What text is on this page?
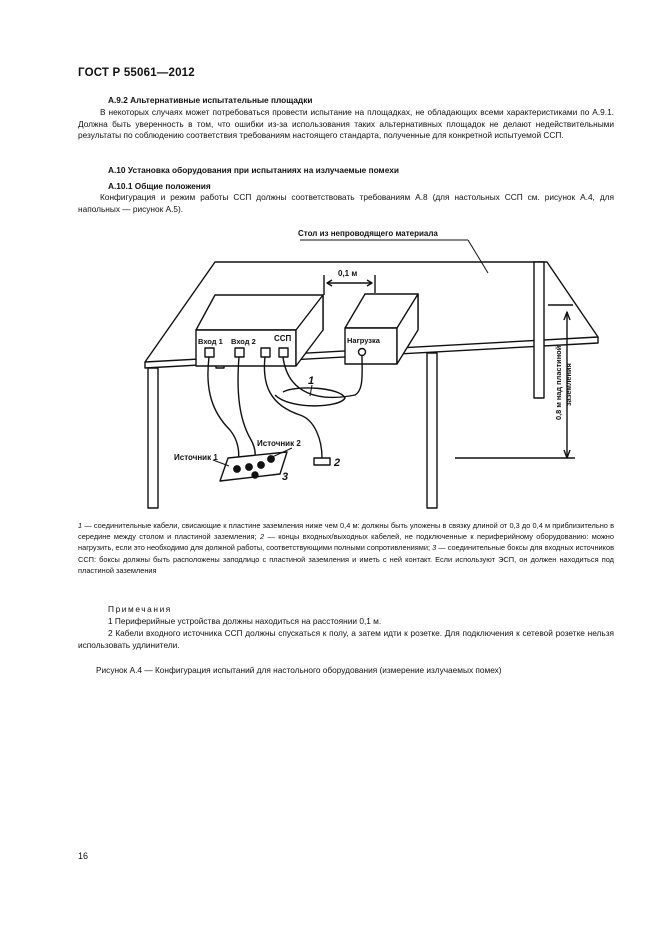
ГОСТ Р 55061—2012
А.9.2 Альтернативные испытательные площадки
В некоторых случаях может потребоваться провести испытание на площадках, не обладающих всеми характеристиками по А.9.1. Должна быть уверенность в том, что ошибки из-за использования таких альтернативных площадок не делают недействительными результаты по соблюдению соответствия требованиям настоящего стандарта, полученные для конкретной испытуемой ССП.
А.10 Установка оборудования при испытаниях на излучаемые помехи
А.10.1 Общие положения
Конфигурация и режим работы ССП должны соответствовать требованиям А.8 (для настольных ССП см. рисунок А.4, для напольных — рисунок А.5).
Стол из непроводящего материала
0,1 м
ССП
Вход 1 Вход 2	Нагрузка
Источник 1
Источник 2
1
2
3
0,8 м над пластиной заземления
1 — соединительные кабели, свисающие к пластине заземления ниже чем 0,4 м: должны быть уложены в связку длиной от 0,3 до 0,4 м приблизительно в середине между столом и пластиной заземления; 2 — концы входных/выходных кабелей, не подключенные к периферийному оборудованию: можно нагрузить, если это необходимо для должной работы, соответствующими полными сопротивлениями; 3 — соединительные боксы для входных источников ССП: боксы должны быть расположены заподлицо с пластиной заземления и иметь с ней контакт. Если используют ЭСП, он должен находиться под пластиной заземления
Примечания
1 Периферийные устройства должны находиться на расстоянии 0,1 м.
2 Кабели входного источника ССП должны спускаться к полу, а затем идти к розетке. Для подключения к сетевой розетке нельзя использовать удлинители.
Рисунок А.4 — Конфигурация испытаний для настольного оборудования (измерение излучаемых помех)
16
